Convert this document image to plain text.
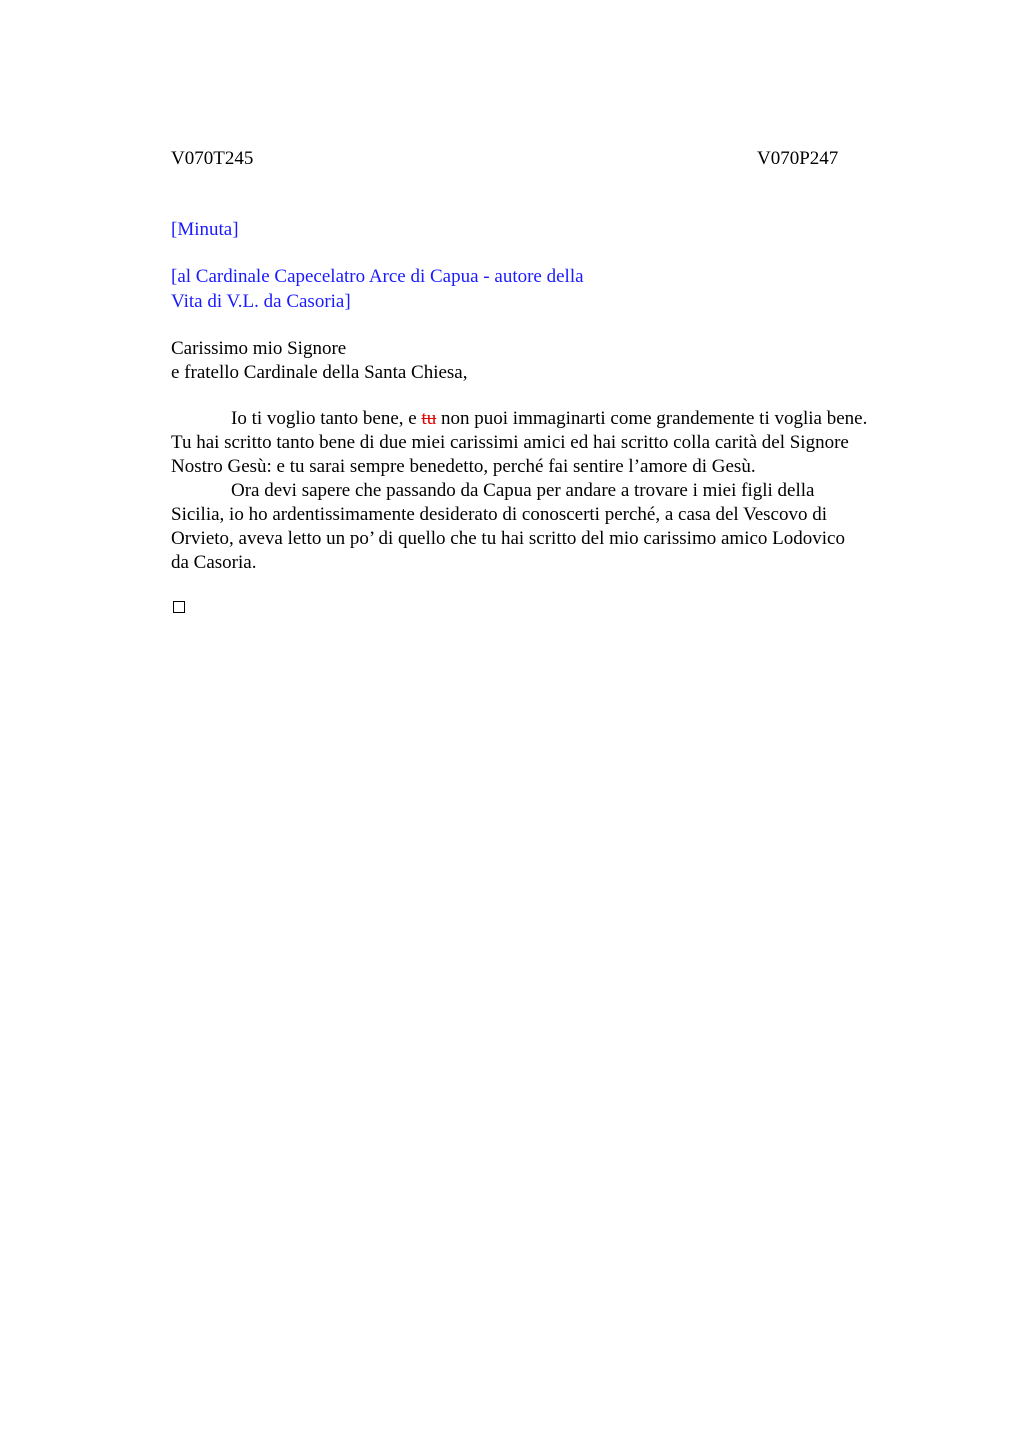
V070T245	V070P247
[Minuta]
[al Cardinale Capecelatro Arce di Capua - autore della
Vita di V.L. da Casoria]
Carissimo mio Signore
e fratello Cardinale della Santa Chiesa,
Io ti voglio tanto bene, e tu non puoi immaginarti come grandemente ti voglia bene.
Tu hai scritto tanto bene di due miei carissimi amici ed hai scritto colla carità del Signore
Nostro Gesù: e tu sarai sempre benedetto, perché fai sentire l’amore di Gesù.
Ora devi sapere che passando da Capua per andare a trovare i miei figli della
Sicilia, io ho ardentissimamente desiderato di conoscerti perché, a casa del Vescovo di
Orvieto, aveva letto un po’ di quello che tu hai scritto del mio carissimo amico Lodovico
da Casoria.
